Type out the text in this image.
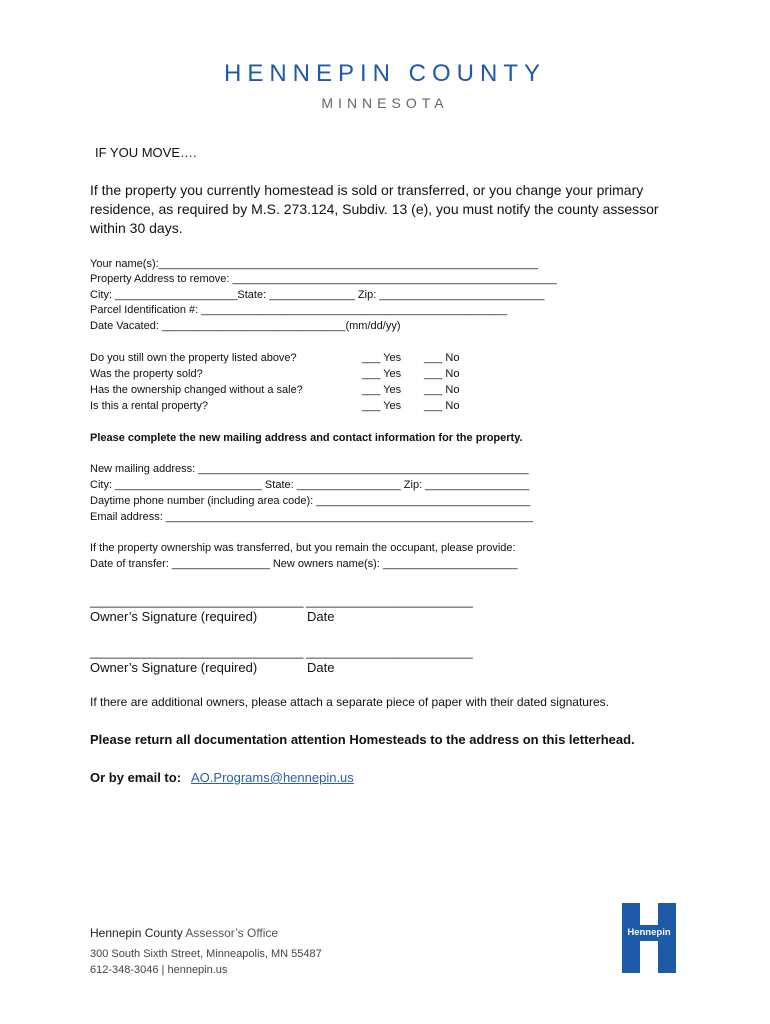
HENNEPIN COUNTY
MINNESOTA
IF YOU MOVE….
If the property you currently homestead is sold or transferred, or you change your primary
residence, as required by M.S. 273.124, Subdiv. 13 (e), you must notify the county assessor
within 30 days.
Your name(s):______________________________________________________________
Property Address to remove: _____________________________________________________
City: ____________________State: ______________ Zip: ___________________________
Parcel Identification #: __________________________________________________
Date Vacated: ______________________________(mm/dd/yy)
Do you still own the property listed above?	___ Yes ___ No
Was the property sold?	___ Yes ___ No
Has the ownership changed without a sale?	___ Yes ___ No
Is this a rental property?	___ Yes ___ No
Please complete the new mailing address and contact information for the property.
New mailing address: ______________________________________________________
City: ________________________ State: _________________ Zip: _________________
Daytime phone number (including area code): ___________________________________
Email address: ____________________________________________________________
If the property ownership was transferred, but you remain the occupant, please provide:
Date of transfer: ________________ New owners name(s): ______________________
________________________________
Owner’s Signature (required)
_________________________
Date
________________________________
Owner’s Signature (required)
_________________________
Date
If there are additional owners, please attach a separate piece of paper with their dated signatures.
Please return all documentation attention Homesteads to the address on this letterhead.
Or by email to: AO.Programs@hennepin.us
Hennepin County Assessor’s Office
300 South Sixth Street, Minneapolis, MN 55487
612-348-3046 | hennepin.us
Hennepin
